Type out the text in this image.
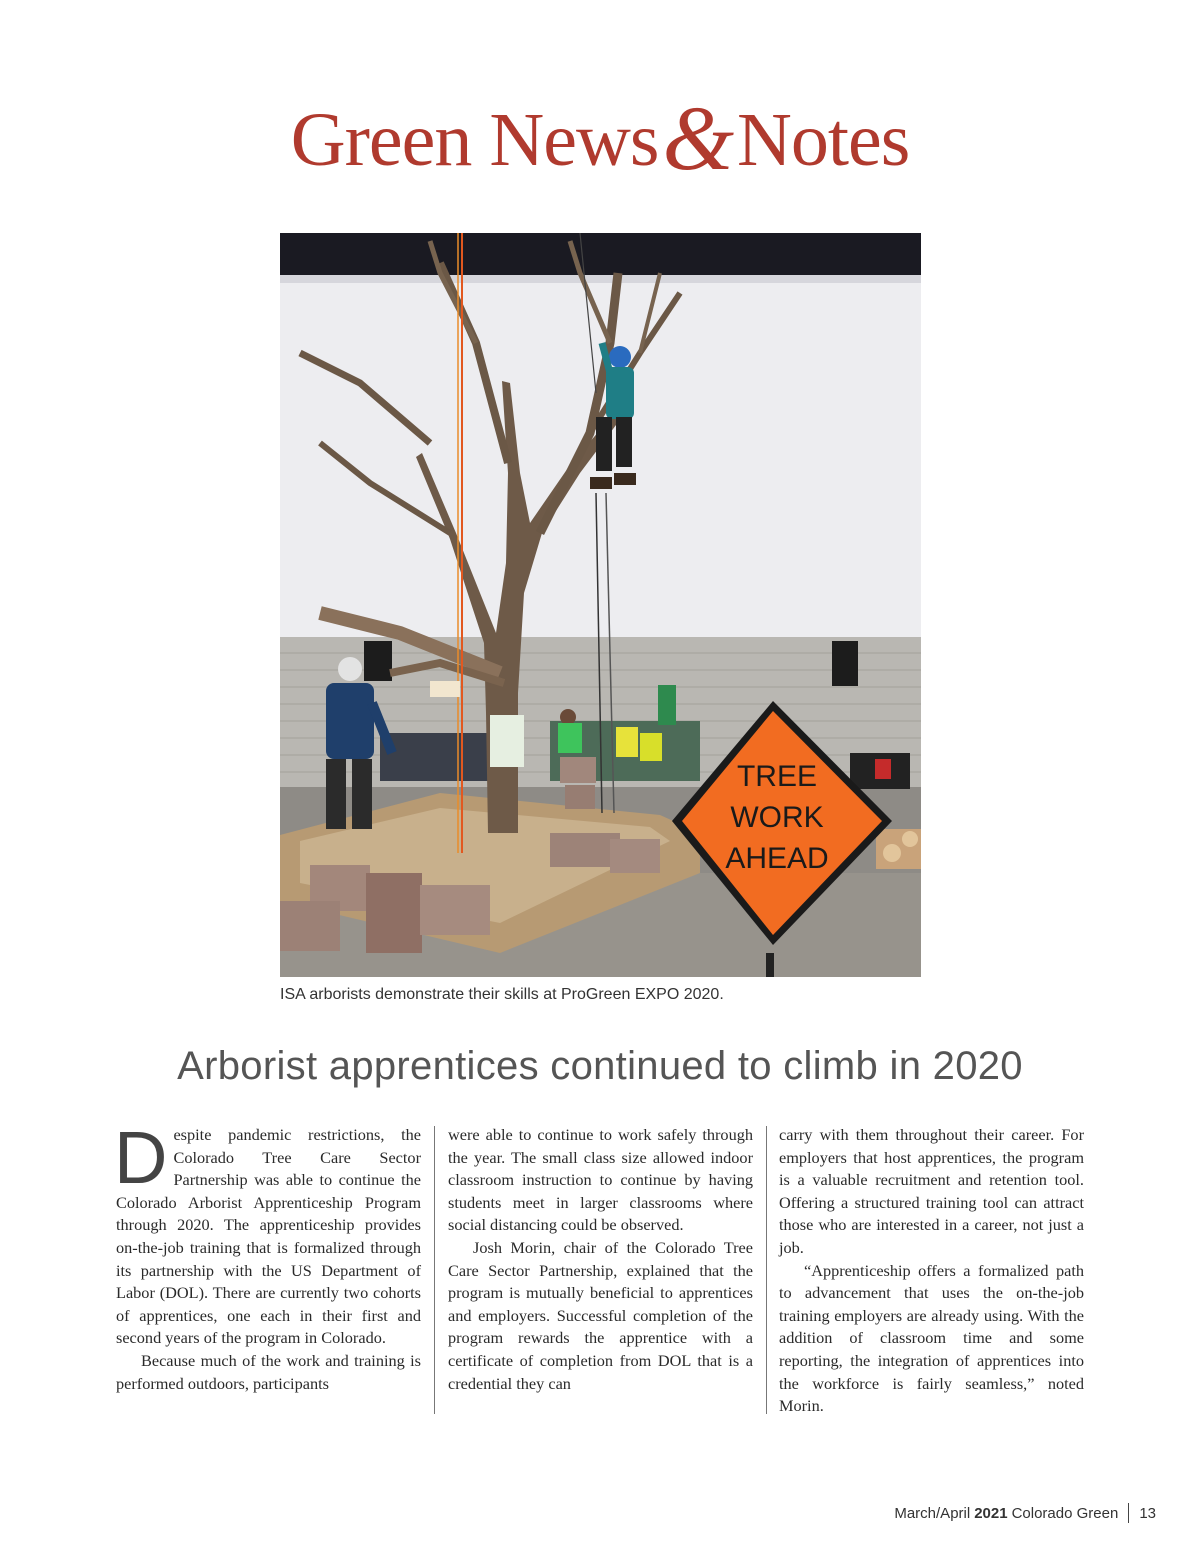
Green News&Notes
TREE
WORK
AHEAD
ISA arborists demonstrate their skills at ProGreen EXPO 2020.
Arborist apprentices continued to climb in 2020

Despite pandemic restrictions, the Colorado Tree Care Sector Partnership was able to continue the Colorado Arborist Apprenticeship Program through 2020. The apprenticeship provides on-the-job training that is formalized through its partnership with the US Department of Labor (DOL). There are currently two cohorts of apprentices, one each in their first and second years of the program in Colorado.

Because much of the work and training is performed outdoors, participants

were able to continue to work safely through the year. The small class size allowed indoor classroom instruction to continue by having students meet in larger classrooms where social distancing could be observed.

Josh Morin, chair of the Colorado Tree Care Sector Partnership, explained that the program is mutually beneficial to apprentices and employers. Successful completion of the program rewards the apprentice with a certificate of completion from DOL that is a credential they can

carry with them throughout their career. For employers that host apprentices, the program is a valuable recruitment and retention tool. Offering a structured training tool can attract those who are interested in a career, not just a job.

“Apprenticeship offers a formalized path to advancement that uses the on-the-job training employers are already using. With the addition of classroom time and some reporting, the integration of apprentices into the workforce is fairly seamless,” noted Morin.

March/April 2021 Colorado Green 13
